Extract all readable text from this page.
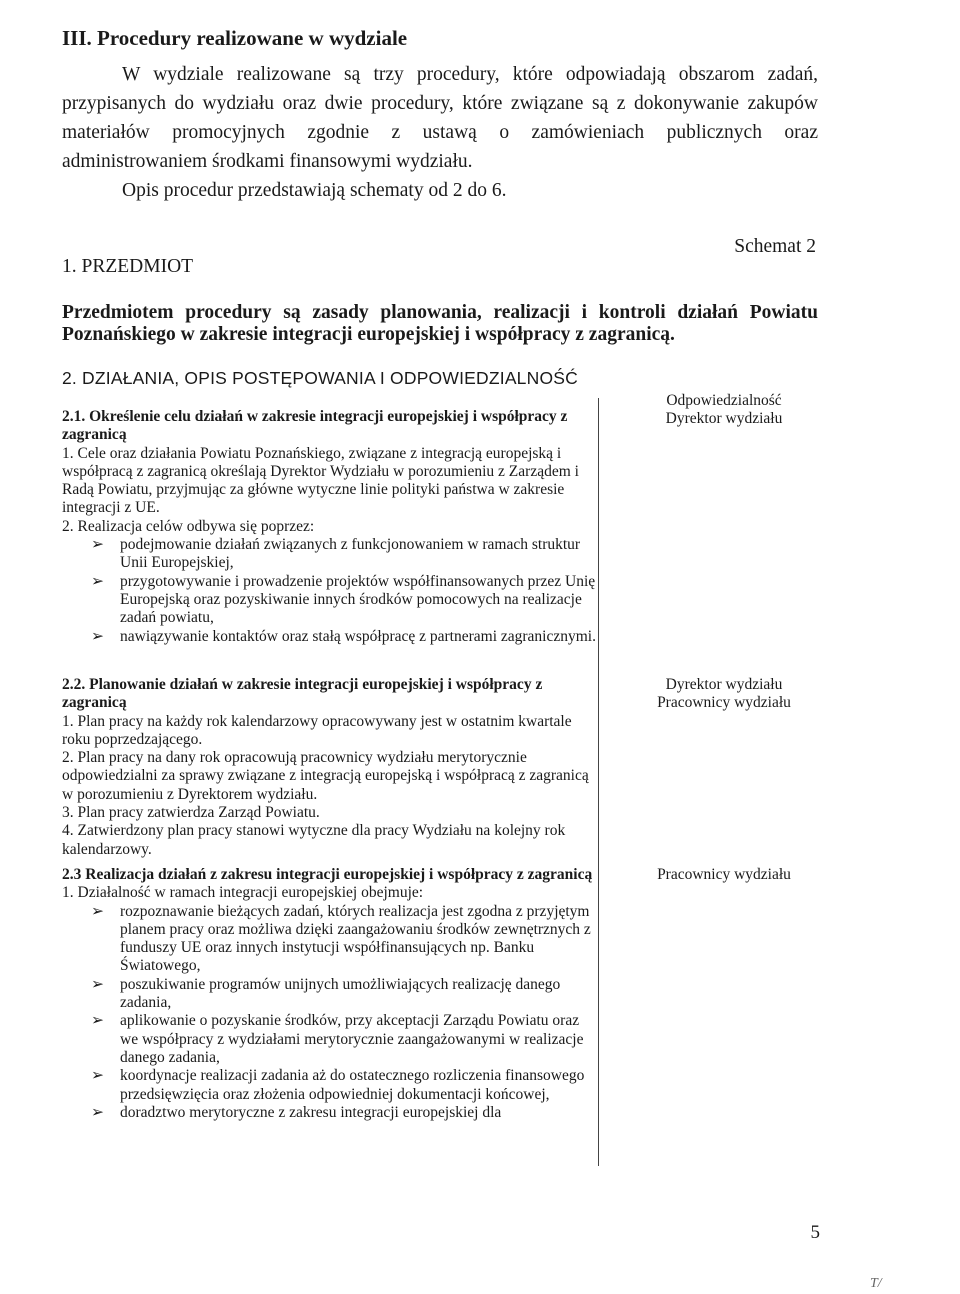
III. Procedury realizowane w wydziale

W wydziale realizowane są trzy procedury, które odpowiadają obszarom zadań, przypisanych do wydziału oraz dwie procedury, które związane są z dokonywanie zakupów materiałów promocyjnych zgodnie z ustawą o zamówieniach publicznych oraz administrowaniem środkami finansowymi wydziału.

Opis procedur przedstawiają schematy od 2 do 6.

Schemat 2
1. PRZEDMIOT
Przedmiotem procedury są zasady planowania, realizacji i kontroli działań Powiatu Poznańskiego w zakresie integracji europejskiej i współpracy z zagranicą.
2. DZIAŁANIA, OPIS POSTĘPOWANIA I ODPOWIEDZIALNOŚĆ
Odpowiedzialność

2.1. Określenie celu działań w zakresie integracji europejskiej i współpracy z zagranicą

1. Cele oraz działania Powiatu Poznańskiego, związane z integracją europejską i współpracą z zagranicą określają Dyrektor Wydziału w porozumieniu z Zarządem i Radą Powiatu, przyjmując za główne wytyczne linie polityki państwa w zakresie integracji z UE.

2. Realizacja celów odbywa się poprzez:

➢ podejmowanie działań związanych z funkcjonowaniem w ramach struktur Unii Europejskiej,
➢ przygotowywanie i prowadzenie projektów współfinansowanych przez Unię Europejską oraz pozyskiwanie innych środków pomocowych na realizacje zadań powiatu,
➢ nawiązywanie kontaktów oraz stałą współpracę z partnerami zagranicznymi.
Dyrektor wydziału

2.2. Planowanie działań w zakresie integracji europejskiej i współpracy z zagranicą

1. Plan pracy na każdy rok kalendarzowy opracowywany jest w ostatnim kwartale roku poprzedzającego.

2. Plan pracy na dany rok opracowują pracownicy wydziału merytorycznie odpowiedzialni za sprawy związane z integracją europejską i współpracą z zagranicą w porozumieniu z Dyrektorem wydziału.

3. Plan pracy zatwierdza Zarząd Powiatu.

4. Zatwierdzony plan pracy stanowi wytyczne dla pracy Wydziału na kolejny rok kalendarzowy.

Dyrektor wydziału
Pracownicy wydziału

2.3 Realizacja działań z zakresu integracji europejskiej i współpracy z zagranicą

1. Działalność w ramach integracji europejskiej obejmuje:

➢ rozpoznawanie bieżących zadań, których realizacja jest zgodna z przyjętym planem pracy oraz możliwa dzięki zaangażowaniu środków zewnętrznych z funduszy UE oraz innych instytucji współfinansujących np. Banku Światowego,
➢ poszukiwanie programów unijnych umożliwiających realizację danego zadania,
➢ aplikowanie o pozyskanie środków, przy akceptacji Zarządu Powiatu oraz we współpracy z wydziałami merytorycznie zaangażowanymi w realizacje danego zadania,
➢ koordynacje realizacji zadania aż do ostatecznego rozliczenia finansowego przedsięwzięcia oraz złożenia odpowiedniej dokumentacji końcowej,
➢ doradztwo merytoryczne z zakresu integracji europejskiej dla
Pracownicy wydziału
5
T/
